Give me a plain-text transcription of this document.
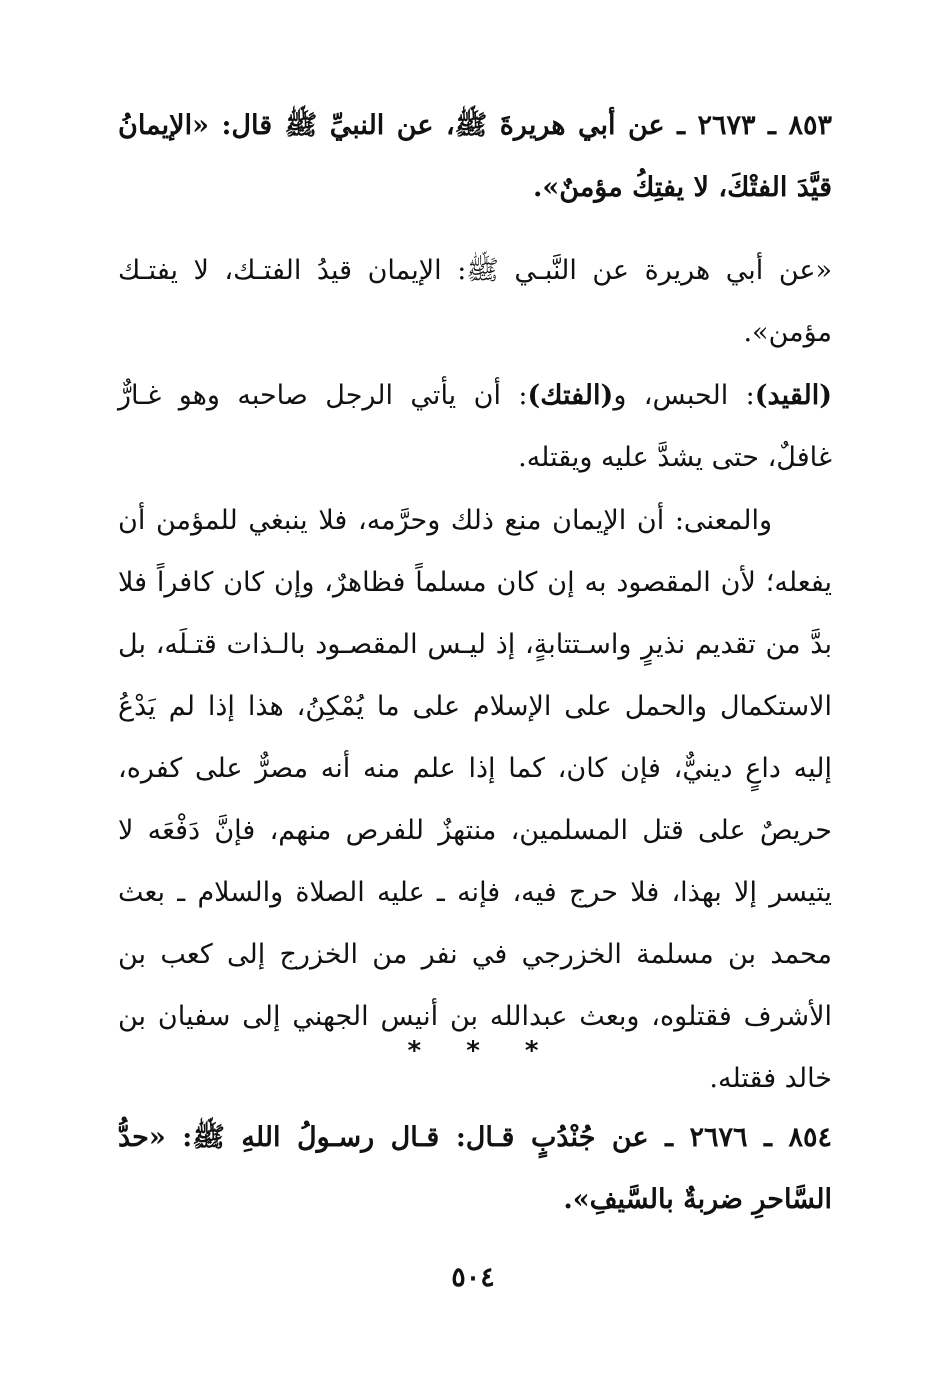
٨٥٣ ـ ٢٦٧٣ ـ عن أبي هريرةَ ﷺ، عن النبيِّ ﷺ قال: «الإيمانُ قيَّدَ الفتْكَ، لا يفتِكُ مؤمنٌ».

«عن أبي هريرة عن النَّبـي ﷺ: الإيمان قيدُ الفتـك، لا يفتـك مؤمن».

(القيد): الحبس، و(الفتك): أن يأتي الرجل صاحبه وهو غـارٌّ غافلٌ، حتى يشدَّ عليه ويقتله.

والمعنى: أن الإيمان منع ذلك وحرَّمه، فلا ينبغي للمؤمن أن يفعله؛ لأن المقصود به إن كان مسلماً فظاهرٌ، وإن كان كافراً فلا بدَّ من تقديم نذيرٍ واسـتتابةٍ، إذ ليـس المقصـود بالـذات قتـلَه، بل الاستكمال والحمل على الإسلام على ما يُمْكِنُ، هذا إذا لم يَدْعُ إليه داعٍ دينيٌّ، فإن كان، كما إذا علم منه أنه مصرٌّ على كفره، حريصٌ على قتل المسلمين، منتهزٌ للفرص منهم، فإنَّ دَفْعَه لا يتيسر إلا بهذا، فلا حرج فيه، فإنه ـ عليه الصلاة والسلام ـ بعث محمد بن مسلمة الخزرجي في نفر من الخزرج إلى كعب بن الأشرف فقتلوه، وبعث عبدالله بن أنيس الجهني إلى سفيان بن خالد فقتله.

* * *

٨٥٤ ـ ٢٦٧٦ ـ عن جُنْدُبٍ قـال: قـال رسـولُ اللهِ ﷺ: «حدُّ السَّاحرِ ضربةٌ بالسَّيفِ».

٥٠٤
